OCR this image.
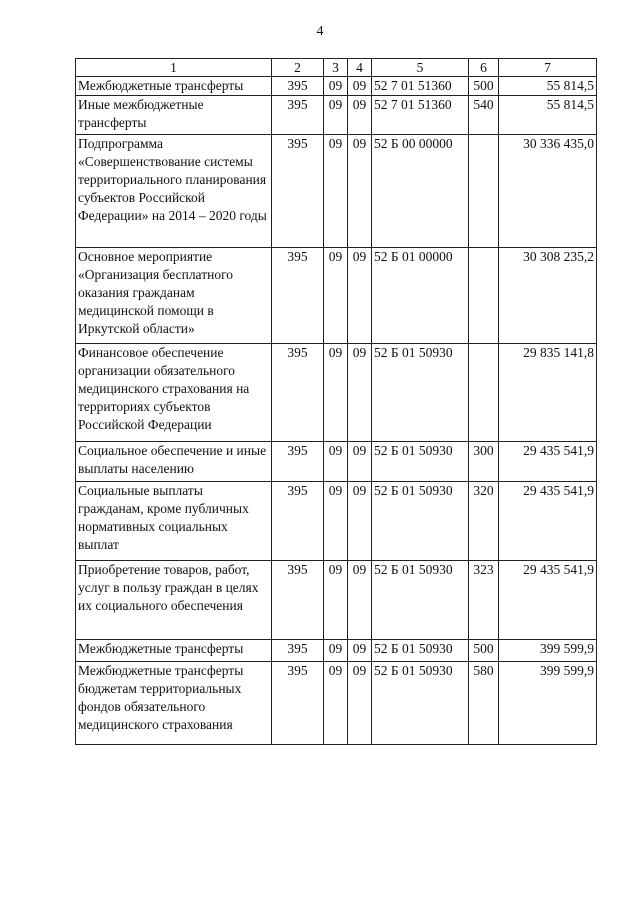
4
1	2	3	4	5	6	7
Межбюджетные трансферты	395	09	09	52 7 01 51360	500	55 814,5
Иные межбюджетные трансферты	395	09	09	52 7 01 51360	540	55 814,5
Подпрограмма «Совершенствование системы территориального планирования субъектов Российской Федерации» на 2014 – 2020 годы	395	09	09	52 Б 00 00000		30 336 435,0
Основное мероприятие «Организация бесплатного оказания гражданам медицинской помощи в Иркутской области»	395	09	09	52 Б 01 00000		30 308 235,2
Финансовое обеспечение организации обязательного медицинского страхования на территориях субъектов Российской Федерации	395	09	09	52 Б 01 50930		29 835 141,8
Социальное обеспечение и иные выплаты населению	395	09	09	52 Б 01 50930	300	29 435 541,9
Социальные выплаты гражданам, кроме публичных нормативных социальных выплат	395	09	09	52 Б 01 50930	320	29 435 541,9
Приобретение товаров, работ, услуг в пользу граждан в целях их социального обеспечения	395	09	09	52 Б 01 50930	323	29 435 541,9
Межбюджетные трансферты	395	09	09	52 Б 01 50930	500	399 599,9
Межбюджетные трансферты бюджетам территориальных фондов обязательного медицинского страхования	395	09	09	52 Б 01 50930	580	399 599,9
